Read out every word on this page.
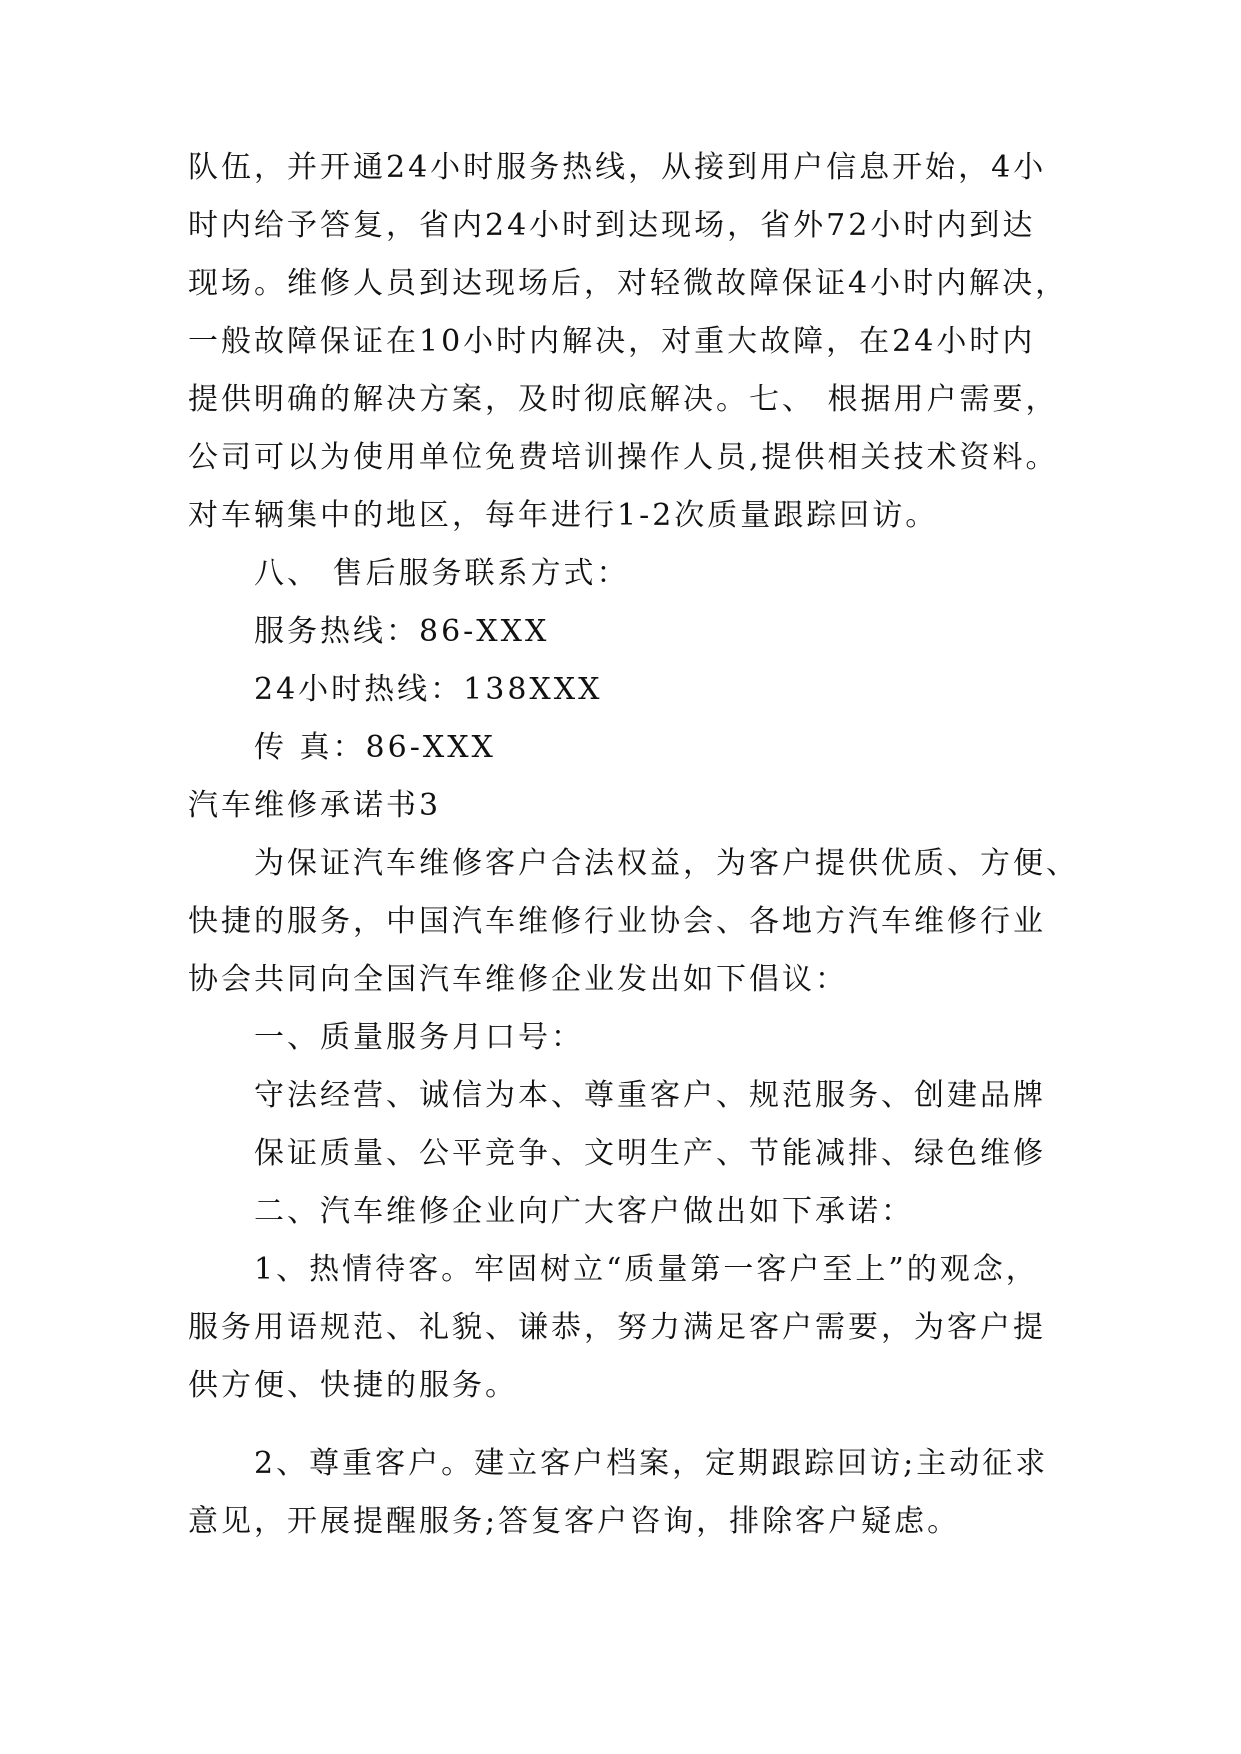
队伍，并开通24小时服务热线，从接到用户信息开始，4小
时内给予答复，省内24小时到达现场，省外72小时内到达
现场。维修人员到达现场后，对轻微故障保证4小时内解决，
一般故障保证在10小时内解决，对重大故障，在24小时内
提供明确的解决方案，及时彻底解决。七、 根据用户需要，
公司可以为使用单位免费培训操作人员,提供相关技术资料。
对车辆集中的地区，每年进行1-2次质量跟踪回访。
八、 售后服务联系方式：
服务热线：86-XXX
24小时热线：138XXX
传 真：86-XXX
汽车维修承诺书3
为保证汽车维修客户合法权益，为客户提供优质、方便、
快捷的服务，中国汽车维修行业协会、各地方汽车维修行业
协会共同向全国汽车维修企业发出如下倡议：
一、质量服务月口号：
守法经营、诚信为本、尊重客户、规范服务、创建品牌
保证质量、公平竞争、文明生产、节能减排、绿色维修
二、汽车维修企业向广大客户做出如下承诺：
1、热情待客。牢固树立“质量第一客户至上”的观念，
服务用语规范、礼貌、谦恭，努力满足客户需要，为客户提
供方便、快捷的服务。
2、尊重客户。建立客户档案，定期跟踪回访;主动征求
意见，开展提醒服务;答复客户咨询，排除客户疑虑。
